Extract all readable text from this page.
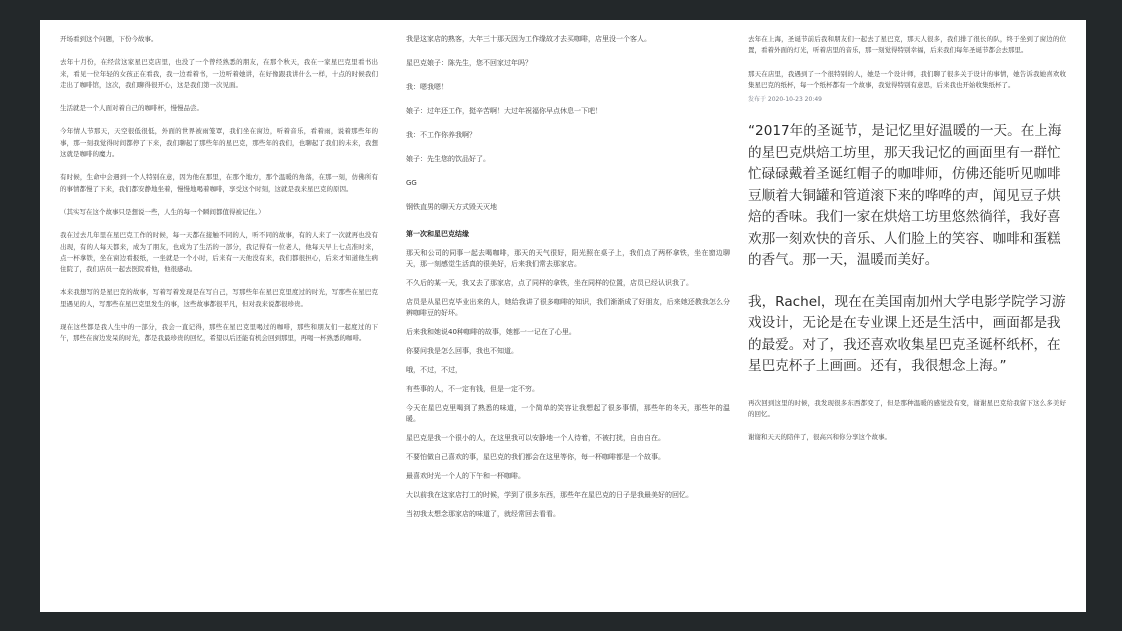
开场看到这个问题，下份今故事。

去年十月份，在经营这家星巴克店里，也没了一个曾经熟悉的朋友，在那个秋天，我在一家星巴克里看书出来，看见一位年轻的女孩正在看我，我一边看着书，一边听着她讲，在好像跟我讲什么一样，十点的时候我们走出了咖啡馆，这次，我们聊得很开心，这是我们第一次见面。

生活就是一个人面对着自己的咖啡杯，慢慢品尝。

今年情人节那天，天空很低很低，外面的世界被雨笼罩，我们坐在窗边，听着音乐，看着雨，说着那些年的事，那一刻我觉得时间都停了下来，我们聊起了那些年的星巴克，那些年的我们，也聊起了我们的未来，我想这就是咖啡的魔力。

有时候，生命中会遇到一个人特别在意，因为他在那里，在那个地方，那个温暖的角落，在那一刻，仿佛所有的事情都慢了下来，我们都安静地坐着，慢慢地喝着咖啡，享受这个时刻，这就是我来星巴克的原因。

（其实写在这个故事只是想说一些，人生的每一个瞬间都值得被记住。）

我在过去几年里在星巴克工作的时候，每一天都在接触不同的人，听不同的故事，有的人来了一次就再也没有出现，有的人每天都来，成为了朋友，也成为了生活的一部分，我记得有一位老人，他每天早上七点准时来，点一杯拿铁，坐在窗边看报纸，一坐就是一个小时，后来有一天他没有来，我们都很担心，后来才知道他生病住院了，我们店员一起去医院看他，他很感动。

本来我想写的是星巴克的故事，写着写着发现是在写自己，写那些年在星巴克里度过的时光，写那些在星巴克里遇见的人，写那些在星巴克里发生的事，这些故事都很平凡，但对我来说都很珍贵。

现在这些都是我人生中的一部分，我会一直记得，那些在星巴克里喝过的咖啡，那些和朋友们一起度过的下午，那些在窗边发呆的时光，都是我最珍贵的回忆，希望以后还能有机会回到那里，再喝一杯熟悉的咖啡。

我是这家店的熟客，大年三十那天因为工作缘故才去买咖啡，店里没一个客人。

星巴克娘子：陈先生，您不回家过年吗？

我：嗯我嗯！

娘子：过年还工作，挺辛苦啊！大过年祝福你早点休息一下吧！

我：不工作你养我啊？

娘子：先生您的饮品好了。

GG

钢铁直男的聊天方式毁天灭地

第一次和星巴克结缘

那天和公司的同事一起去喝咖啡，那天的天气很好，阳光照在桌子上，我们点了两杯拿铁，坐在窗边聊天，那一刻感觉生活真的很美好，后来我们常去那家店。

不久后的某一天，我又去了那家店，点了同样的拿铁，坐在同样的位置，店员已经认识我了。

店员是从星巴克毕业出来的人，她给我讲了很多咖啡的知识，我们渐渐成了好朋友，后来她还教我怎么分辨咖啡豆的好坏。

后来我和她说40种咖啡的故事，她都一一记在了心里。

你要问我是怎么回事，我也不知道。

哦，不过，不过，

有些事的人，不一定有钱，但是一定不穷。

今天在星巴克里喝到了熟悉的味道，一个简单的笑容让我想起了很多事情，那些年的冬天，那些年的温暖。

星巴克是我一个很小的人，在这里我可以安静地一个人待着，不被打扰，自由自在。

不要怕做自己喜欢的事，星巴克的我们都会在这里等你，每一杯咖啡都是一个故事。

最喜欢时光一个人的下午和一杯咖啡。

大以前我在这家店打工的时候，学到了很多东西，那些年在星巴克的日子是我最美好的回忆。

当初我太想念那家店的味道了，就经常回去看看。

去年在上海，圣诞节前后我和朋友们一起去了星巴克，那天人很多，我们排了很长的队，终于坐到了窗边的位置，看着外面的灯光，听着店里的音乐，那一刻觉得特别幸福，后来我们每年圣诞节都会去那里。

那天在店里，我遇到了一个很特别的人，她是一个设计师，我们聊了很多关于设计的事情，她告诉我她喜欢收集星巴克的纸杯，每一个纸杯都有一个故事，我觉得特别有意思，后来我也开始收集纸杯了。

发布于 2020-10-23 20:49
“2017年的圣诞节，是记忆里好温暖的一天。在上海的星巴克烘焙工坊里，那天我记忆的画面里有一群忙忙碌碌戴着圣诞红帽子的咖啡师，仿佛还能听见咖啡豆顺着大铜罐和管道滚下来的哗哗的声，闻见豆子烘焙的香味。我们一家在烘焙工坊里悠然徜徉，我好喜欢那一刻欢快的音乐、人们脸上的笑容、咖啡和蛋糕的香气。那一天，温暖而美好。
我，Rachel，现在在美国南加州大学电影学院学习游戏设计，无论是在专业课上还是生活中，画面都是我的最爱。对了，我还喜欢收集星巴克圣诞杯纸杯，在星巴克杯子上画画。还有，我很想念上海。”

再次回到这里的时候，我发现很多东西都变了，但是那种温暖的感觉没有变，谢谢星巴克给我留下这么多美好的回忆。

谢谢和天天的陪伴了，很高兴和你分享这个故事。
